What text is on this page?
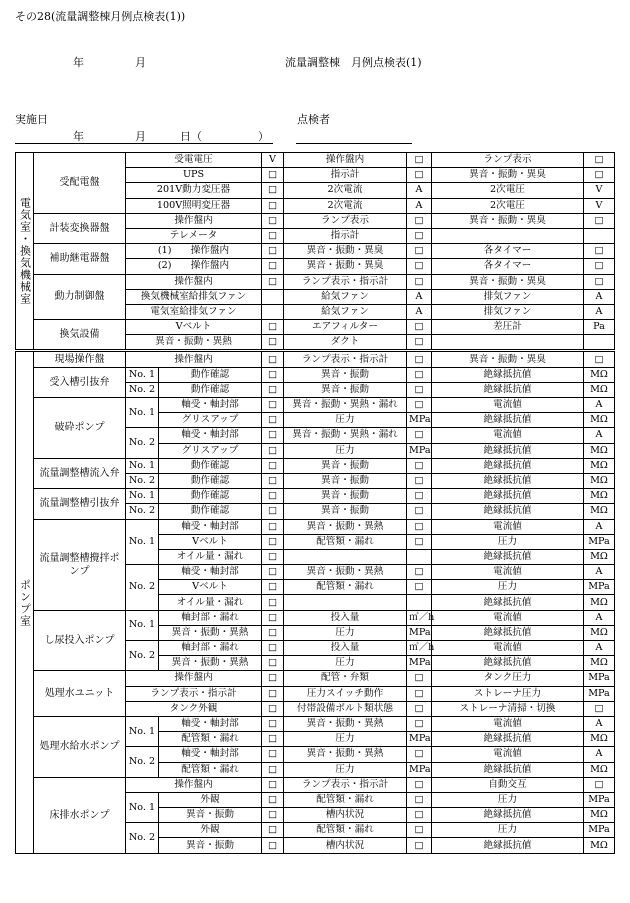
その28(流量調整棟月例点検表(1))
年	月	流量調整棟　月例点検表(1)
実施日	点検者
年	月	日（	）
電気室・換気機械室	受配電盤	受電電圧		V	操作盤内	□	ランプ表示	□
		UPS		□	指示計	□	異音・振動・異臭	□
		201V動力変圧器		□	2次電流	A	2次電圧	V
		100V照明変圧器		□	2次電流	A	2次電圧	V
	計装変換器盤	操作盤内		□	ランプ表示	□	異音・振動・異臭	□
		テレメータ		□	指示計	□		
	補助継電器盤	(1)　　操作盤内		□	異音・振動・異臭	□	各タイマー	□
		(2)　　操作盤内		□	異音・振動・異臭	□	各タイマー	□
	動力制御盤	操作盤内		□	ランプ表示・指示計	□	異音・振動・異臭	□
		換気機械室給排気ファン			給気ファン	A	排気ファン	A
		電気室給排気ファン			給気ファン	A	排気ファン	A
	換気設備	Vベルト		□	エアフィルター	□	差圧計	Pa
		異音・振動・異熱		□	ダクト	□		
ポンプ室	現場操作盤	操作盤内		□	ランプ表示・指示計	□	異音・振動・異臭	□
	受入槽引抜弁	No. 1	動作確認	□	異音・振動	□	絶縁抵抗値	MΩ
		No. 2	動作確認	□	異音・振動	□	絶縁抵抗値	MΩ
	破砕ポンプ	No. 1	軸受・軸封部	□	異音・振動・異熱・漏れ	□	電流値	A
			グリスアップ	□	圧力	MPa	絶縁抵抗値	MΩ
		No. 2	軸受・軸封部	□	異音・振動・異熱・漏れ	□	電流値	A
			グリスアップ	□	圧力	MPa	絶縁抵抗値	MΩ
	流量調整槽流入弁	No. 1	動作確認	□	異音・振動	□	絶縁抵抗値	MΩ
		No. 2	動作確認	□	異音・振動	□	絶縁抵抗値	MΩ
	流量調整槽引抜弁	No. 1	動作確認	□	異音・振動	□	絶縁抵抗値	MΩ
		No. 2	動作確認	□	異音・振動	□	絶縁抵抗値	MΩ
	流量調整槽攪拌ポンプ	No. 1	軸受・軸封部	□	異音・振動・異熱	□	電流値	A
			Vベルト	□	配管類・漏れ	□	圧力	MPa
			オイル量・漏れ	□			絶縁抵抗値	MΩ
		No. 2	軸受・軸封部	□	異音・振動・異熱	□	電流値	A
			Vベルト	□	配管類・漏れ	□	圧力	MPa
			オイル量・漏れ	□			絶縁抵抗値	MΩ
	し尿投入ポンプ	No. 1	軸封部・漏れ	□	投入量	㎥／h	電流値	A
			異音・振動・異熱	□	圧力	MPa	絶縁抵抗値	MΩ
		No. 2	軸封部・漏れ	□	投入量	㎥／h	電流値	A
			異音・振動・異熱	□	圧力	MPa	絶縁抵抗値	MΩ
	処理水ユニット	操作盤内		□	配管・弁類	□	タンク圧力	MPa
		ランプ表示・指示計		□	圧力スイッチ動作	□	ストレーナ圧力	MPa
		タンク外観		□	付帯設備ボルト類状態	□	ストレーナ清掃・切換	□
	処理水給水ポンプ	No. 1	軸受・軸封部	□	異音・振動・異熱	□	電流値	A
			配管類・漏れ	□	圧力	MPa	絶縁抵抗値	MΩ
		No. 2	軸受・軸封部	□	異音・振動・異熱	□	電流値	A
			配管類・漏れ	□	圧力	MPa	絶縁抵抗値	MΩ
	床排水ポンプ	操作盤内		□	ランプ表示・指示計	□	自動交互	□
		No. 1	外観	□	配管類・漏れ	□	圧力	MPa
			異音・振動	□	槽内状況	□	絶縁抵抗値	MΩ
		No. 2	外観	□	配管類・漏れ	□	圧力	MPa
			異音・振動	□	槽内状況	□	絶縁抵抗値	MΩ
